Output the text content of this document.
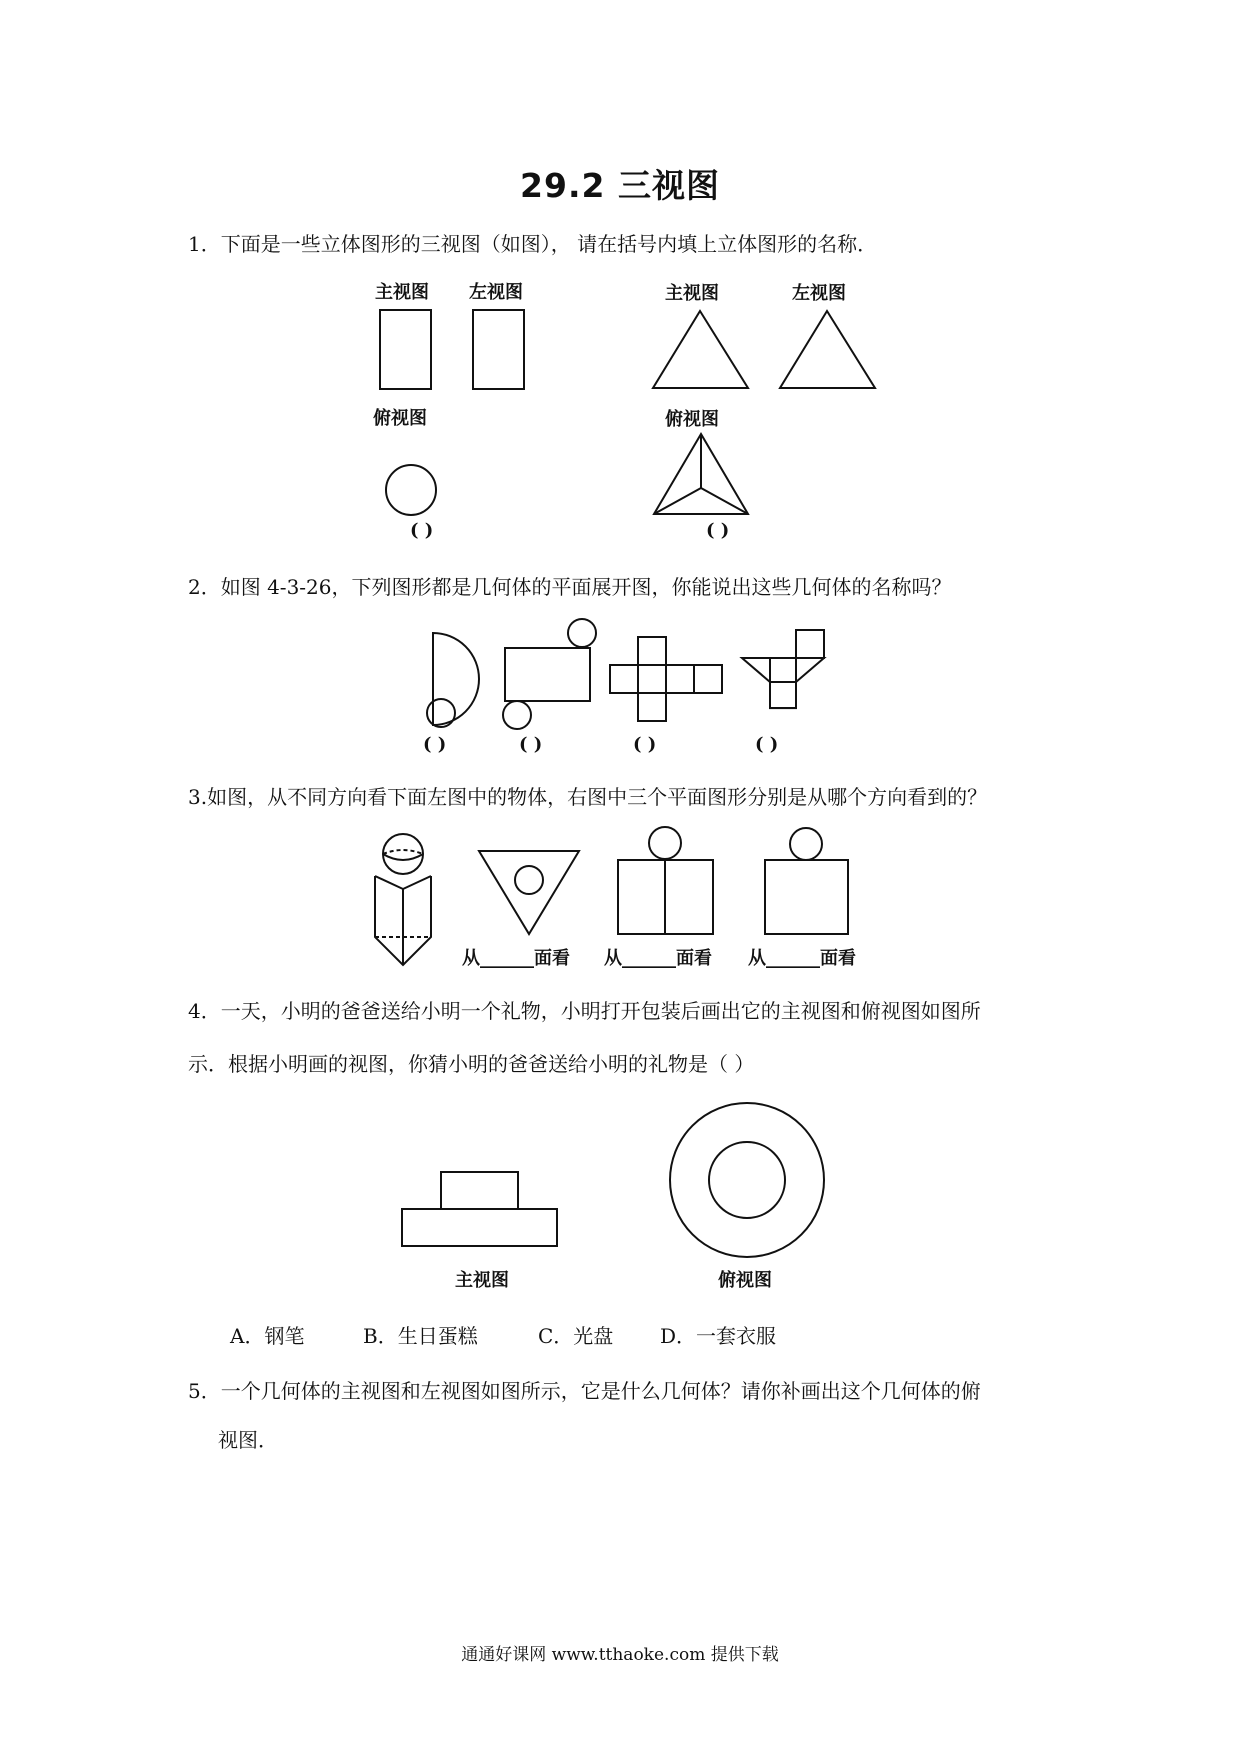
29.2 三视图
1．下面是一些立体图形的三视图（如图）， 请在括号内填上立体图形的名称．
主视图 左视图
俯视图
( )
主视图	左视图
俯视图
( )
2．如图 4-3-26，下列图形都是几何体的平面展开图，你能说出这些几何体的名称吗？
( )	( )	( )	( )
3.如图，从不同方向看下面左图中的物体，右图中三个平面图形分别是从哪个方向看到的？
从______面看 从______面看 从______面看
4．一天，小明的爸爸送给小明一个礼物，小明打开包装后画出它的主视图和俯视图如图所
示．根据小明画的视图，你猜小明的爸爸送给小明的礼物是（ ）
主视图	俯视图
A．钢笔	B．生日蛋糕	C．光盘 D．一套衣服
5．一个几何体的主视图和左视图如图所示，它是什么几何体？请你补画出这个几何体的俯
视图．
通通好课网 www.tthaoke.com 提供下载
